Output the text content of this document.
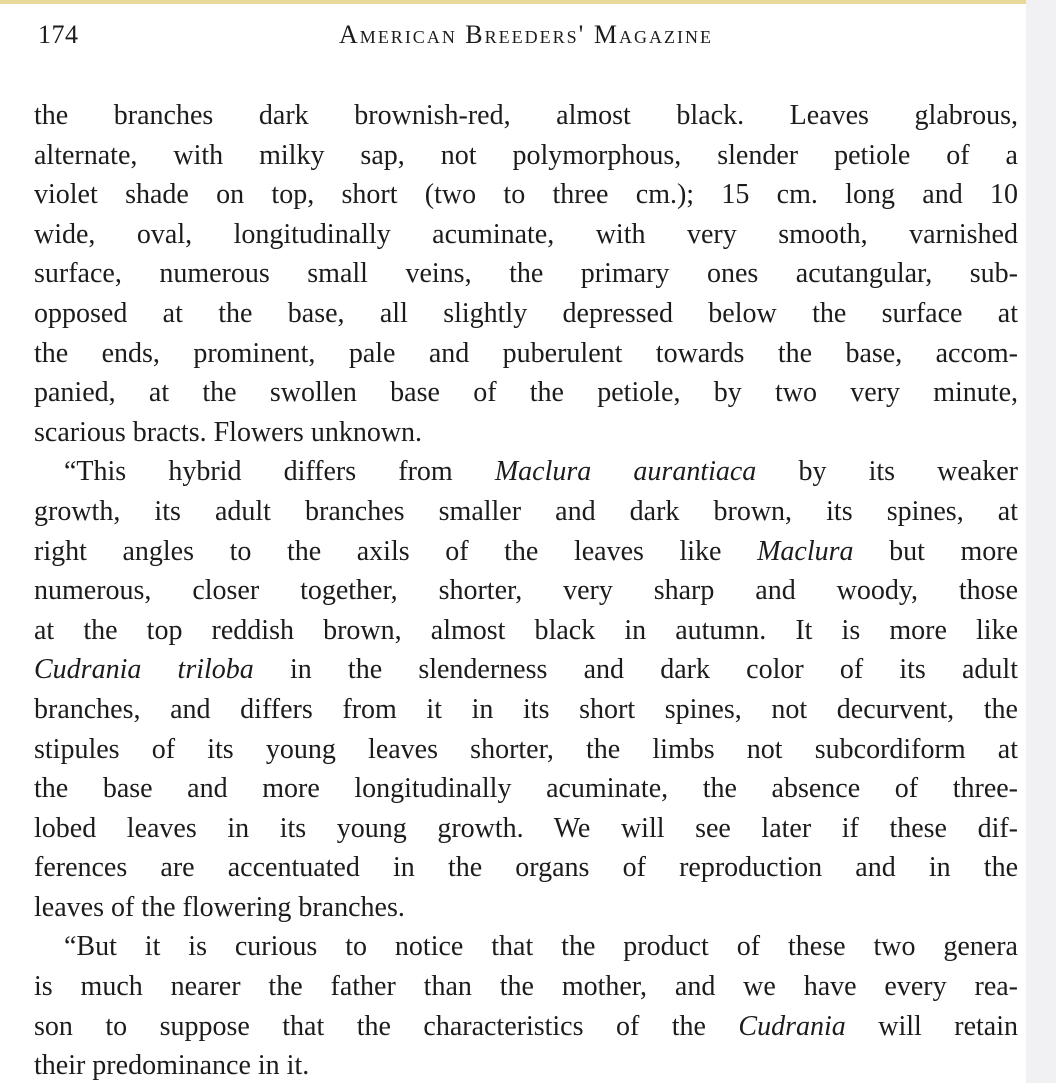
174	American Breeders' Magazine
the branches dark brownish-red, almost black. Leaves glabrous,
alternate, with milky sap, not polymorphous, slender petiole of a
violet shade on top, short (two to three cm.); 15 cm. long and 10
wide, oval, longitudinally acuminate, with very smooth, varnished
surface, numerous small veins, the primary ones acutangular, sub-
opposed at the base, all slightly depressed below the surface at
the ends, prominent, pale and puberulent towards the base, accom-
panied, at the swollen base of the petiole, by two very minute,
scarious bracts. Flowers unknown.
“This hybrid differs from Maclura aurantiaca by its weaker
growth, its adult branches smaller and dark brown, its spines, at
right angles to the axils of the leaves like Maclura but more
numerous, closer together, shorter, very sharp and woody, those
at the top reddish brown, almost black in autumn. It is more like
Cudrania triloba in the slenderness and dark color of its adult
branches, and differs from it in its short spines, not decurvent, the
stipules of its young leaves shorter, the limbs not subcordiform at
the base and more longitudinally acuminate, the absence of three-
lobed leaves in its young growth. We will see later if these dif-
ferences are accentuated in the organs of reproduction and in the
leaves of the flowering branches.
“But it is curious to notice that the product of these two genera
is much nearer the father than the mother, and we have every rea-
son to suppose that the characteristics of the Cudrania will retain
their predominance in it.
